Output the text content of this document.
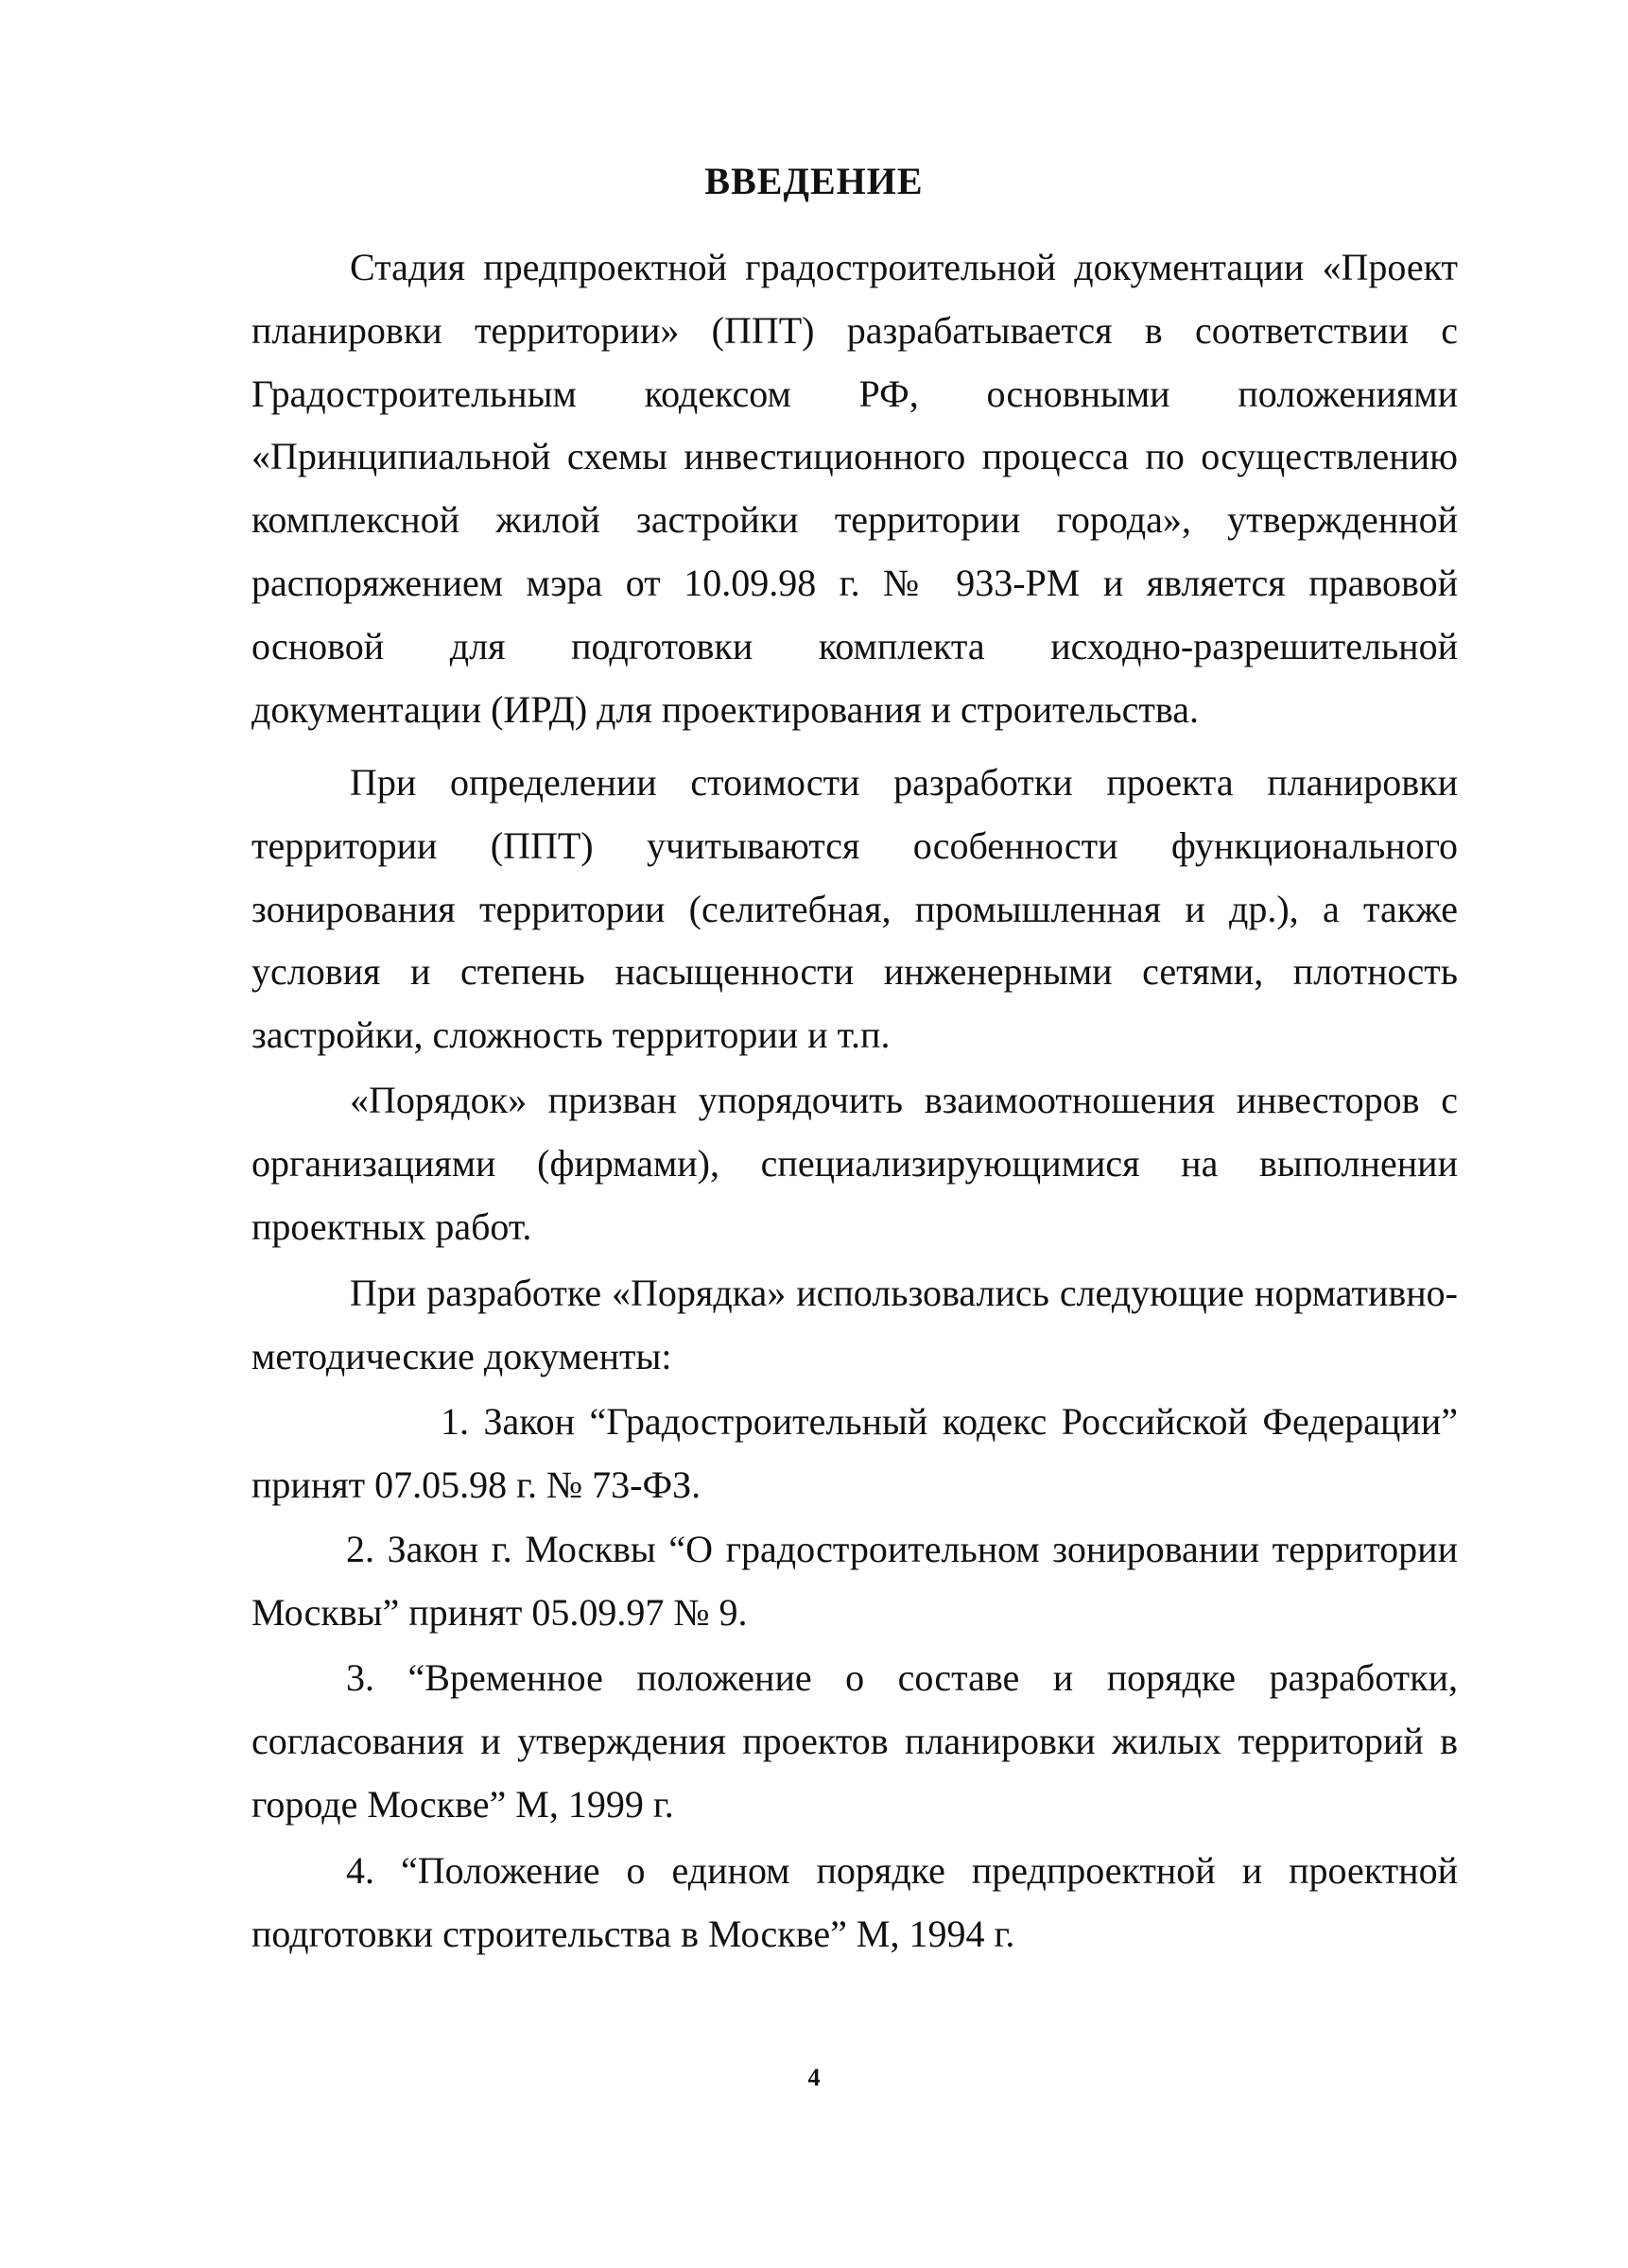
ВВЕДЕНИЕ

Стадия предпроектной градостроительной документации «Проект планировки территории» (ППТ) разрабатывается в соответствии с Градостроительным кодексом РФ, основными положениями «Принципиальной схемы инвестиционного процесса по осуществлению комплексной жилой застройки территории города», утвержденной распоряжением мэра от 10.09.98 г. № 933-РМ и является правовой основой для подготовки комплекта исходно-разрешительной документации (ИРД) для проектирования и строительства.

При определении стоимости разработки проекта планировки территории (ППТ) учитываются особенности функционального зонирования территории (селитебная, промышленная и др.), а также условия и степень насыщенности инженерными сетями, плотность застройки, сложность территории и т.п.

«Порядок» призван упорядочить взаимоотношения инвесторов с организациями (фирмами), специализирующимися на выполнении проектных работ.

При разработке «Порядка» использовались следующие нормативно-методические документы:

1. Закон “Градостроительный кодекс Российской Федерации” принят 07.05.98 г. № 73-ФЗ.

2. Закон г. Москвы “О градостроительном зонировании территории Москвы” принят 05.09.97 № 9.

3. “Временное положение о составе и порядке разработки, согласования и утверждения проектов планировки жилых территорий в городе Москве” М, 1999 г.

4. “Положение о едином порядке предпроектной и проектной подготовки строительства в Москве” М, 1994 г.

4
